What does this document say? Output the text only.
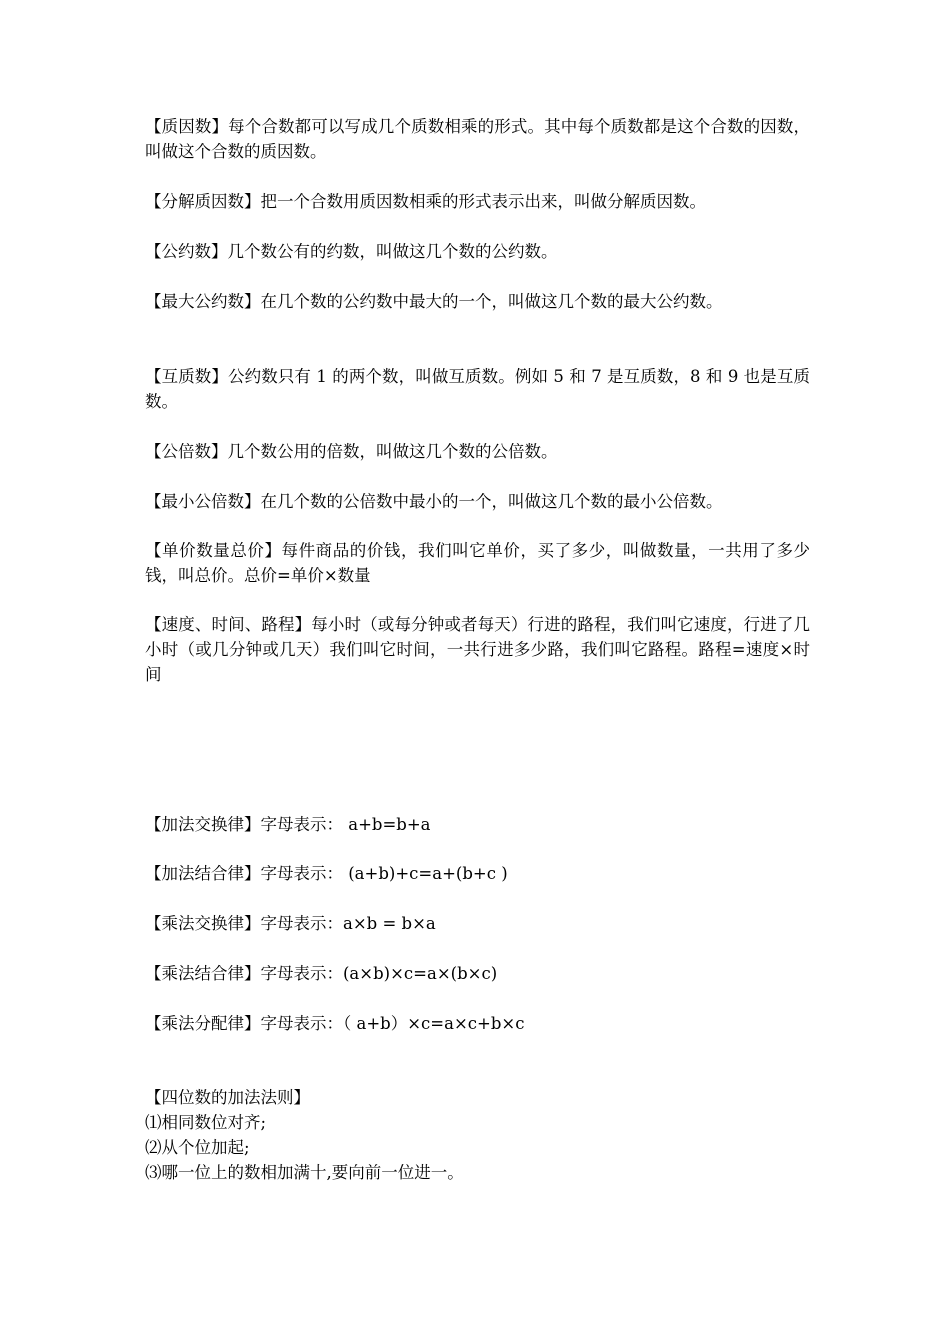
【质因数】每个合数都可以写成几个质数相乘的形式。其中每个质数都是这个合数的因数，叫做这个合数的质因数。

【分解质因数】把一个合数用质因数相乘的形式表示出来，叫做分解质因数。

【公约数】几个数公有的约数，叫做这几个数的公约数。

【最大公约数】在几个数的公约数中最大的一个，叫做这几个数的最大公约数。

【互质数】公约数只有 1 的两个数，叫做互质数。例如 5 和 7 是互质数，8 和 9 也是互质数。

【公倍数】几个数公用的倍数，叫做这几个数的公倍数。

【最小公倍数】在几个数的公倍数中最小的一个，叫做这几个数的最小公倍数。

【单价数量总价】每件商品的价钱，我们叫它单价，买了多少，叫做数量，一共用了多少钱，叫总价。总价=单价×数量

【速度、时间、路程】每小时（或每分钟或者每天）行进的路程，我们叫它速度，行进了几小时（或几分钟或几天）我们叫它时间，一共行进多少路，我们叫它路程。路程=速度×时间

【加法交换律】字母表示： a+b=b+a

【加法结合律】字母表示： (a+b)+c=a+(b+c )

【乘法交换律】字母表示：a×b = b×a

【乘法结合律】字母表示：(a×b)×c=a×(b×c)

【乘法分配律】字母表示：（ a+b）×c=a×c+b×c

【四位数的加法法则】

⑴相同数位对齐;

⑵从个位加起;

⑶哪一位上的数相加满十,要向前一位进一。
